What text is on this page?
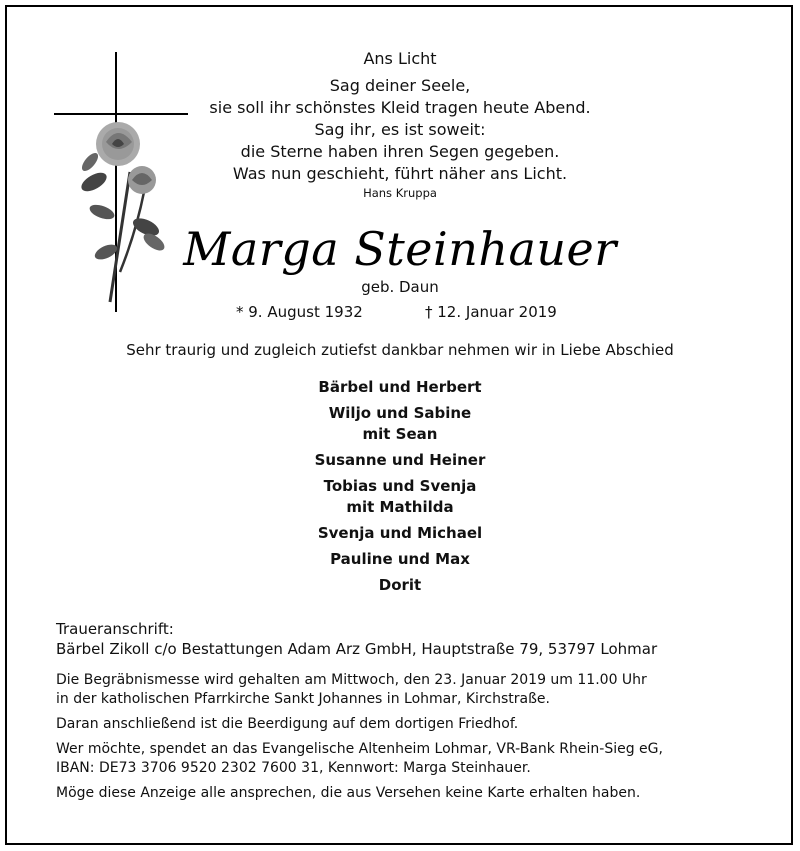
Ans Licht
Sag deiner Seele,
sie soll ihr schönstes Kleid tragen heute Abend.
Sag ihr, es ist soweit:
die Sterne haben ihren Segen gegeben.
Was nun geschieht, führt näher ans Licht.
Hans Kruppa
Marga Steinhauer
geb. Daun
* 9. August 1932	† 12. Januar 2019
Sehr traurig und zugleich zutiefst dankbar nehmen wir in Liebe Abschied
Bärbel und Herbert
Wiljo und Sabine
mit Sean
Susanne und Heiner
Tobias und Svenja
mit Mathilda
Svenja und Michael
Pauline und Max
Dorit
Traueranschrift:
Bärbel Zikoll c/o Bestattungen Adam Arz GmbH, Hauptstraße 79, 53797 Lohmar
Die Begräbnismesse wird gehalten am Mittwoch, den 23. Januar 2019 um 11.00 Uhr
in der katholischen Pfarrkirche Sankt Johannes in Lohmar, Kirchstraße.
Daran anschließend ist die Beerdigung auf dem dortigen Friedhof.
Wer möchte, spendet an das Evangelische Altenheim Lohmar, VR-Bank Rhein-Sieg eG,
IBAN: DE73 3706 9520 2302 7600 31, Kennwort: Marga Steinhauer.
Möge diese Anzeige alle ansprechen, die aus Versehen keine Karte erhalten haben.
